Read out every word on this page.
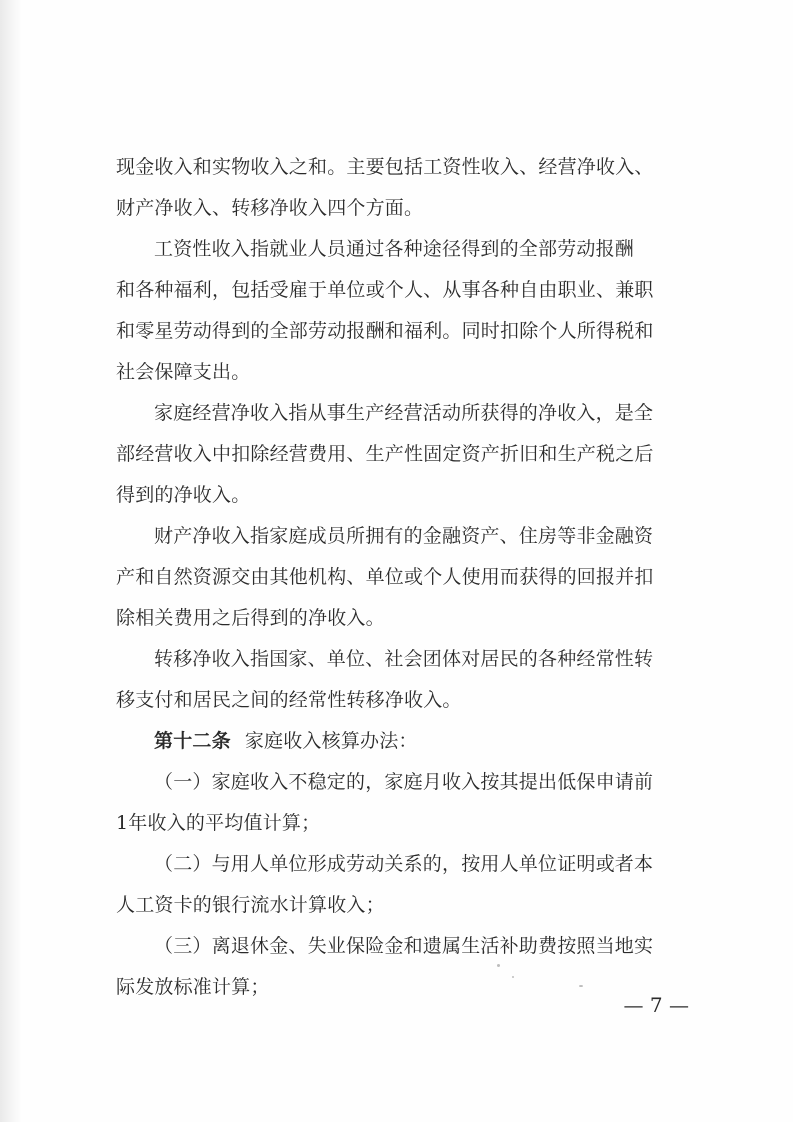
现金收入和实物收入之和。主要包括工资性收入、经营净收入、
财产净收入、转移净收入四个方面。
工资性收入指就业人员通过各种途径得到的全部劳动报酬
和各种福利，包括受雇于单位或个人、从事各种自由职业、兼职
和零星劳动得到的全部劳动报酬和福利。同时扣除个人所得税和
社会保障支出。
家庭经营净收入指从事生产经营活动所获得的净收入，是全
部经营收入中扣除经营费用、生产性固定资产折旧和生产税之后
得到的净收入。
财产净收入指家庭成员所拥有的金融资产、住房等非金融资
产和自然资源交由其他机构、单位或个人使用而获得的回报并扣
除相关费用之后得到的净收入。
转移净收入指国家、单位、社会团体对居民的各种经常性转
移支付和居民之间的经常性转移净收入。
第十二条 家庭收入核算办法：
（一）家庭收入不稳定的，家庭月收入按其提出低保申请前
1年收入的平均值计算；
（二）与用人单位形成劳动关系的，按用人单位证明或者本
人工资卡的银行流水计算收入；
（三）离退休金、失业保险金和遗属生活补助费按照当地实
际发放标准计算；
— 7 —
